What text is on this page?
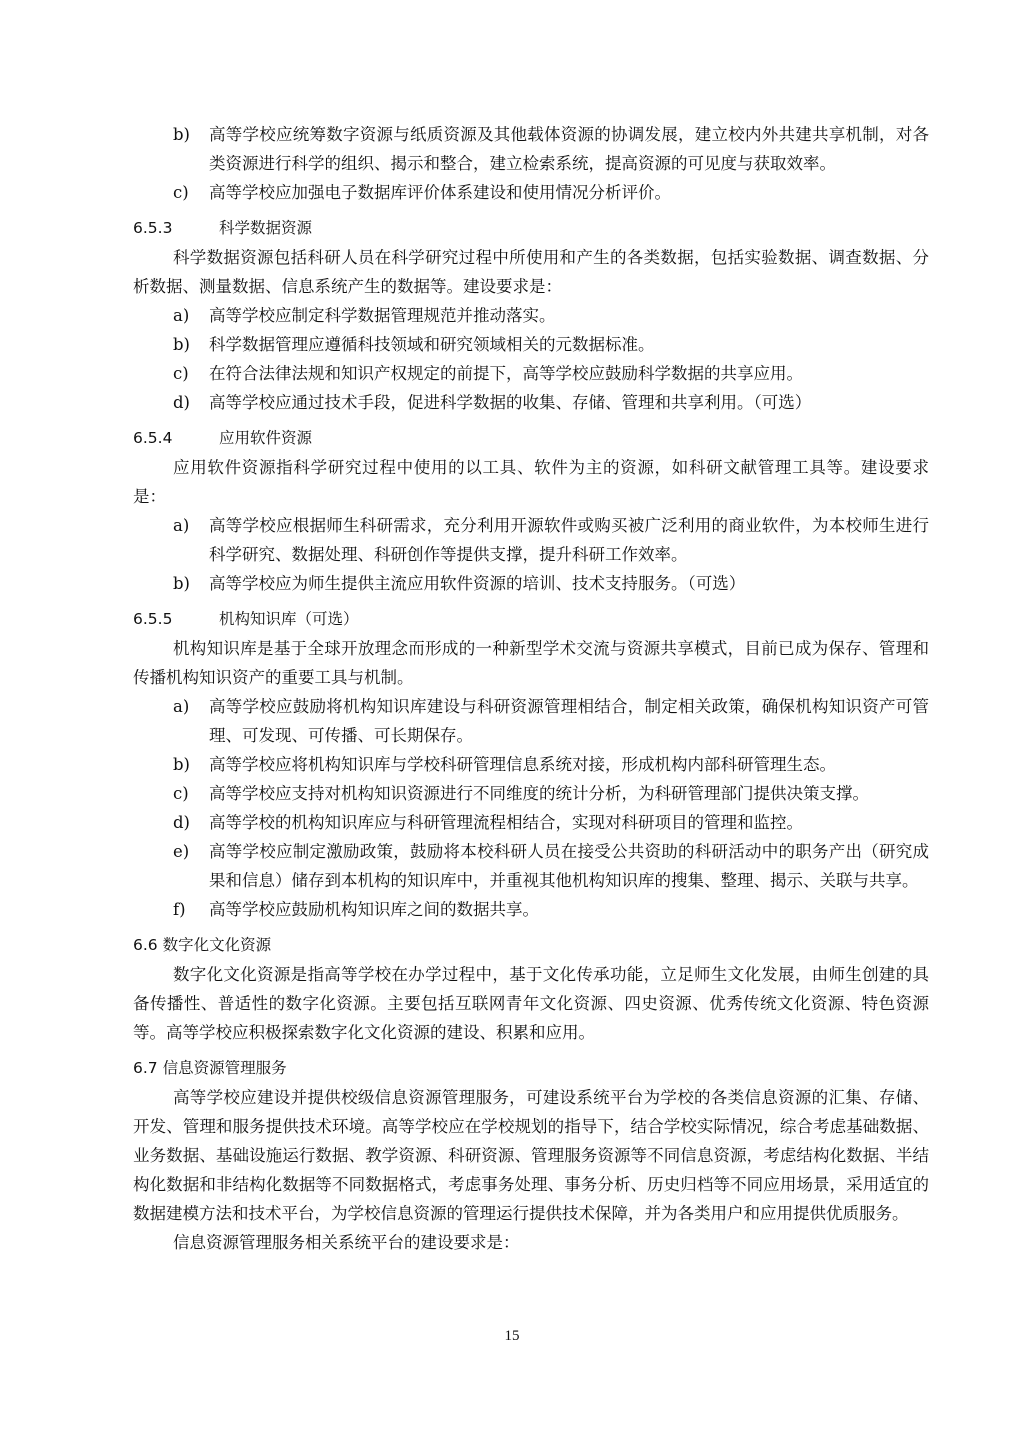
b)	高等学校应统筹数字资源与纸质资源及其他载体资源的协调发展，建立校内外共建共享机制，对各类资源进行科学的组织、揭示和整合，建立检索系统，提高资源的可见度与获取效率。
c)	高等学校应加强电子数据库评价体系建设和使用情况分析评价。
6.5.3	科学数据资源
科学数据资源包括科研人员在科学研究过程中所使用和产生的各类数据，包括实验数据、调查数据、分析数据、测量数据、信息系统产生的数据等。建设要求是：
a)	高等学校应制定科学数据管理规范并推动落实。
b)	科学数据管理应遵循科技领域和研究领域相关的元数据标准。
c)	在符合法律法规和知识产权规定的前提下，高等学校应鼓励科学数据的共享应用。
d)	高等学校应通过技术手段，促进科学数据的收集、存储、管理和共享利用。（可选）
6.5.4	应用软件资源
应用软件资源指科学研究过程中使用的以工具、软件为主的资源，如科研文献管理工具等。建设要求是：
a)	高等学校应根据师生科研需求，充分利用开源软件或购买被广泛利用的商业软件，为本校师生进行科学研究、数据处理、科研创作等提供支撑，提升科研工作效率。
b)	高等学校应为师生提供主流应用软件资源的培训、技术支持服务。（可选）
6.5.5	机构知识库（可选）
机构知识库是基于全球开放理念而形成的一种新型学术交流与资源共享模式，目前已成为保存、管理和传播机构知识资产的重要工具与机制。
a)	高等学校应鼓励将机构知识库建设与科研资源管理相结合，制定相关政策，确保机构知识资产可管理、可发现、可传播、可长期保存。
b)	高等学校应将机构知识库与学校科研管理信息系统对接，形成机构内部科研管理生态。
c)	高等学校应支持对机构知识资源进行不同维度的统计分析，为科研管理部门提供决策支撑。
d)	高等学校的机构知识库应与科研管理流程相结合，实现对科研项目的管理和监控。
e)	高等学校应制定激励政策，鼓励将本校科研人员在接受公共资助的科研活动中的职务产出（研究成果和信息）储存到本机构的知识库中，并重视其他机构知识库的搜集、整理、揭示、关联与共享。
f)	高等学校应鼓励机构知识库之间的数据共享。
6.6 数字化文化资源
数字化文化资源是指高等学校在办学过程中，基于文化传承功能，立足师生文化发展，由师生创建的具备传播性、普适性的数字化资源。主要包括互联网青年文化资源、四史资源、优秀传统文化资源、特色资源等。高等学校应积极探索数字化文化资源的建设、积累和应用。
6.7 信息资源管理服务
高等学校应建设并提供校级信息资源管理服务，可建设系统平台为学校的各类信息资源的汇集、存储、开发、管理和服务提供技术环境。高等学校应在学校规划的指导下，结合学校实际情况，综合考虑基础数据、业务数据、基础设施运行数据、教学资源、科研资源、管理服务资源等不同信息资源，考虑结构化数据、半结构化数据和非结构化数据等不同数据格式，考虑事务处理、事务分析、历史归档等不同应用场景，采用适宜的数据建模方法和技术平台，为学校信息资源的管理运行提供技术保障，并为各类用户和应用提供优质服务。
信息资源管理服务相关系统平台的建设要求是：
15
